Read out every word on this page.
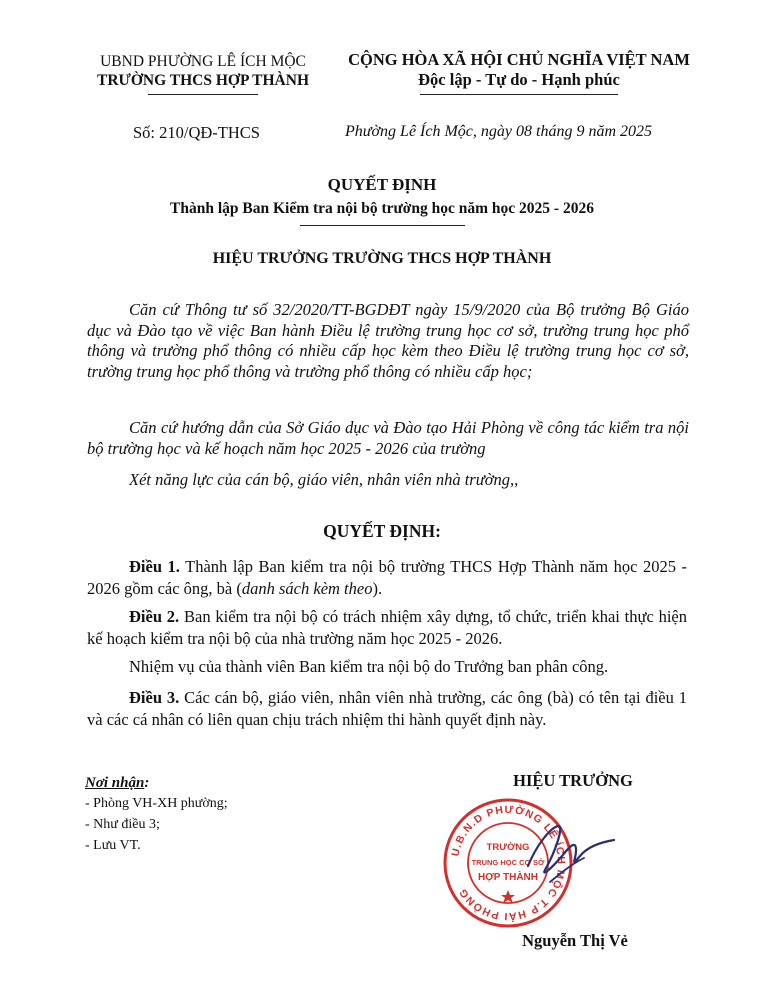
UBND PHƯỜNG LÊ ÍCH MỘC
TRƯỜNG THCS HỢP THÀNH
CỘNG HÒA XÃ HỘI CHỦ NGHĨA VIỆT NAM
Độc lập - Tự do - Hạnh phúc
Số: 210/QĐ-THCS	Phường Lê Ích Mộc, ngày 08 tháng 9 năm 2025
QUYẾT ĐỊNH
Thành lập Ban Kiểm tra nội bộ trường học năm học 2025 - 2026
HIỆU TRƯỞNG TRƯỜNG THCS HỢP THÀNH
Căn cứ Thông tư số 32/2020/TT-BGDĐT ngày 15/9/2020 của Bộ trưởng Bộ Giáo dục và Đào tạo về việc Ban hành Điều lệ trường trung học cơ sở, trường trung học phổ thông và trường phổ thông có nhiều cấp học kèm theo Điều lệ trường trung học cơ sở, trường trung học phổ thông và trường phổ thông có nhiều cấp học;
Căn cứ hướng dẫn của Sở Giáo dục và Đào tạo Hải Phòng về công tác kiểm tra nội bộ trường học và kế hoạch năm học 2025 - 2026 của trường
Xét năng lực của cán bộ, giáo viên, nhân viên nhà trường,,
QUYẾT ĐỊNH:
Điều 1. Thành lập Ban kiểm tra nội bộ trường THCS Hợp Thành năm học 2025 - 2026 gồm các ông, bà (danh sách kèm theo).
Điều 2. Ban kiểm tra nội bộ có trách nhiệm xây dựng, tổ chức, triển khai thực hiện kế hoạch kiểm tra nội bộ của nhà trường năm học 2025 - 2026.
Nhiệm vụ của thành viên Ban kiểm tra nội bộ do Trưởng ban phân công.
Điều 3. Các cán bộ, giáo viên, nhân viên nhà trường, các ông (bà) có tên tại điều 1 và các cá nhân có liên quan chịu trách nhiệm thi hành quyết định này.
Nơi nhận:
- Phòng VH-XH phường;
- Như điều 3;
- Lưu VT.
HIỆU TRƯỞNG
U.B.N.D PHƯỜNG LÊ ÍCH MỘC T.P HẢI PHÒNG
TRƯỜNG
TRUNG HỌC CƠ SỞ
HỢP THÀNH
Nguyễn Thị Vẻ
